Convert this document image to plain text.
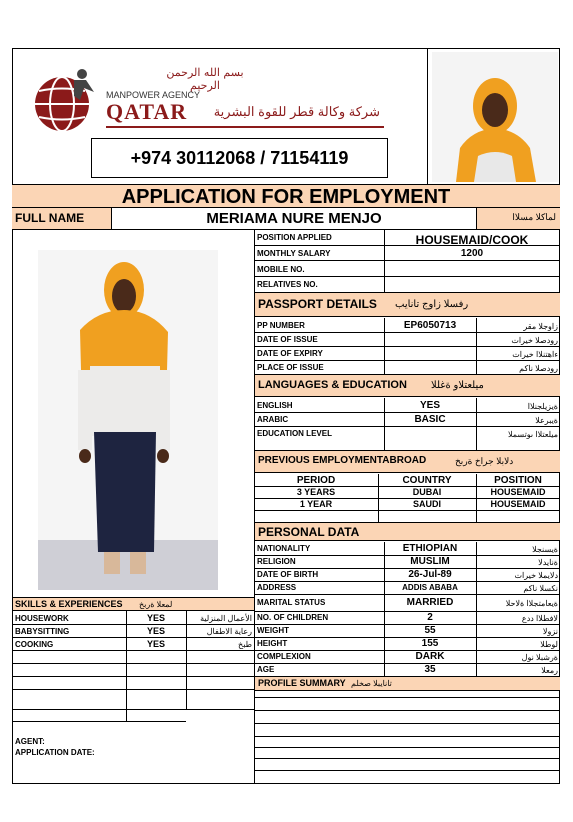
بسم الله الرحمن الرحيم
MANPOWER AGENCY
QATAR	شركة وكالة قطر للقوة البشرية
+974 30112068 / 71154119
APPLICATION FOR EMPLOYMENT
FULL NAME	MERIAMA NURE MENJO	لماكلا مسلاا
POSITION APPLIED	HOUSEMAID/COOK
MONTHLY SALARY	1200
MOBILE NO.
RELATIVES NO.
PASSPORT DETAILS رفسلا زاوج تانايب
PP NUMBER	EP6050713	زاوجلا مقر
DATE OF ISSUE	رودصلا خيرات
DATE OF EXPIRY	ءاهتنلاا خيرات
PLACE OF ISSUE	رودصلا ناكم
LANGUAGES & EDUCATION ميلعتلاو ةغللا
ENGLISH	YES	ةيزيلجنلاا
ARABIC	BASIC	ةيبرعلا
EDUCATION LEVEL	ميلعتلاا ىوتسملا
PREVIOUS EMPLOYMENTABROAD	دلابلا جراخ ةربخ
PERIOD	COUNTRY	POSITION
3 YEARS	DUBAI	HOUSEMAID
1 YEAR	SAUDI	HOUSEMAID
PERSONAL DATA
NATIONALITY	ETHIOPIAN	ةيسنجلا
RELIGION	MUSLIM	ةنايدلا
DATE OF BIRTH	26-Jul-89	دلايملا خيرات
ADDRESS	ADDIS ABABA	نكسلا ناكم
MARITAL STATUS	MARRIED	ةيعامتجلاا ةلاحلا
NO. OF CHILDREN	2	لافطلاا ددع
WEIGHT	55	نزولا
HEIGHT	155	لوطلا
COMPLEXION	DARK	ةرشبلا نول
AGE	35	رمعلا
PROFILE SUMMARY تانايبلا صخلم
SKILLS & EXPERIENCES لمعلا ةربخ
HOUSEWORK	YES	الأعمال المنزلية
BABYSITTING	YES	رعاية الاطفال
COOKING	YES	طبخ
AGENT:
APPLICATION DATE:
